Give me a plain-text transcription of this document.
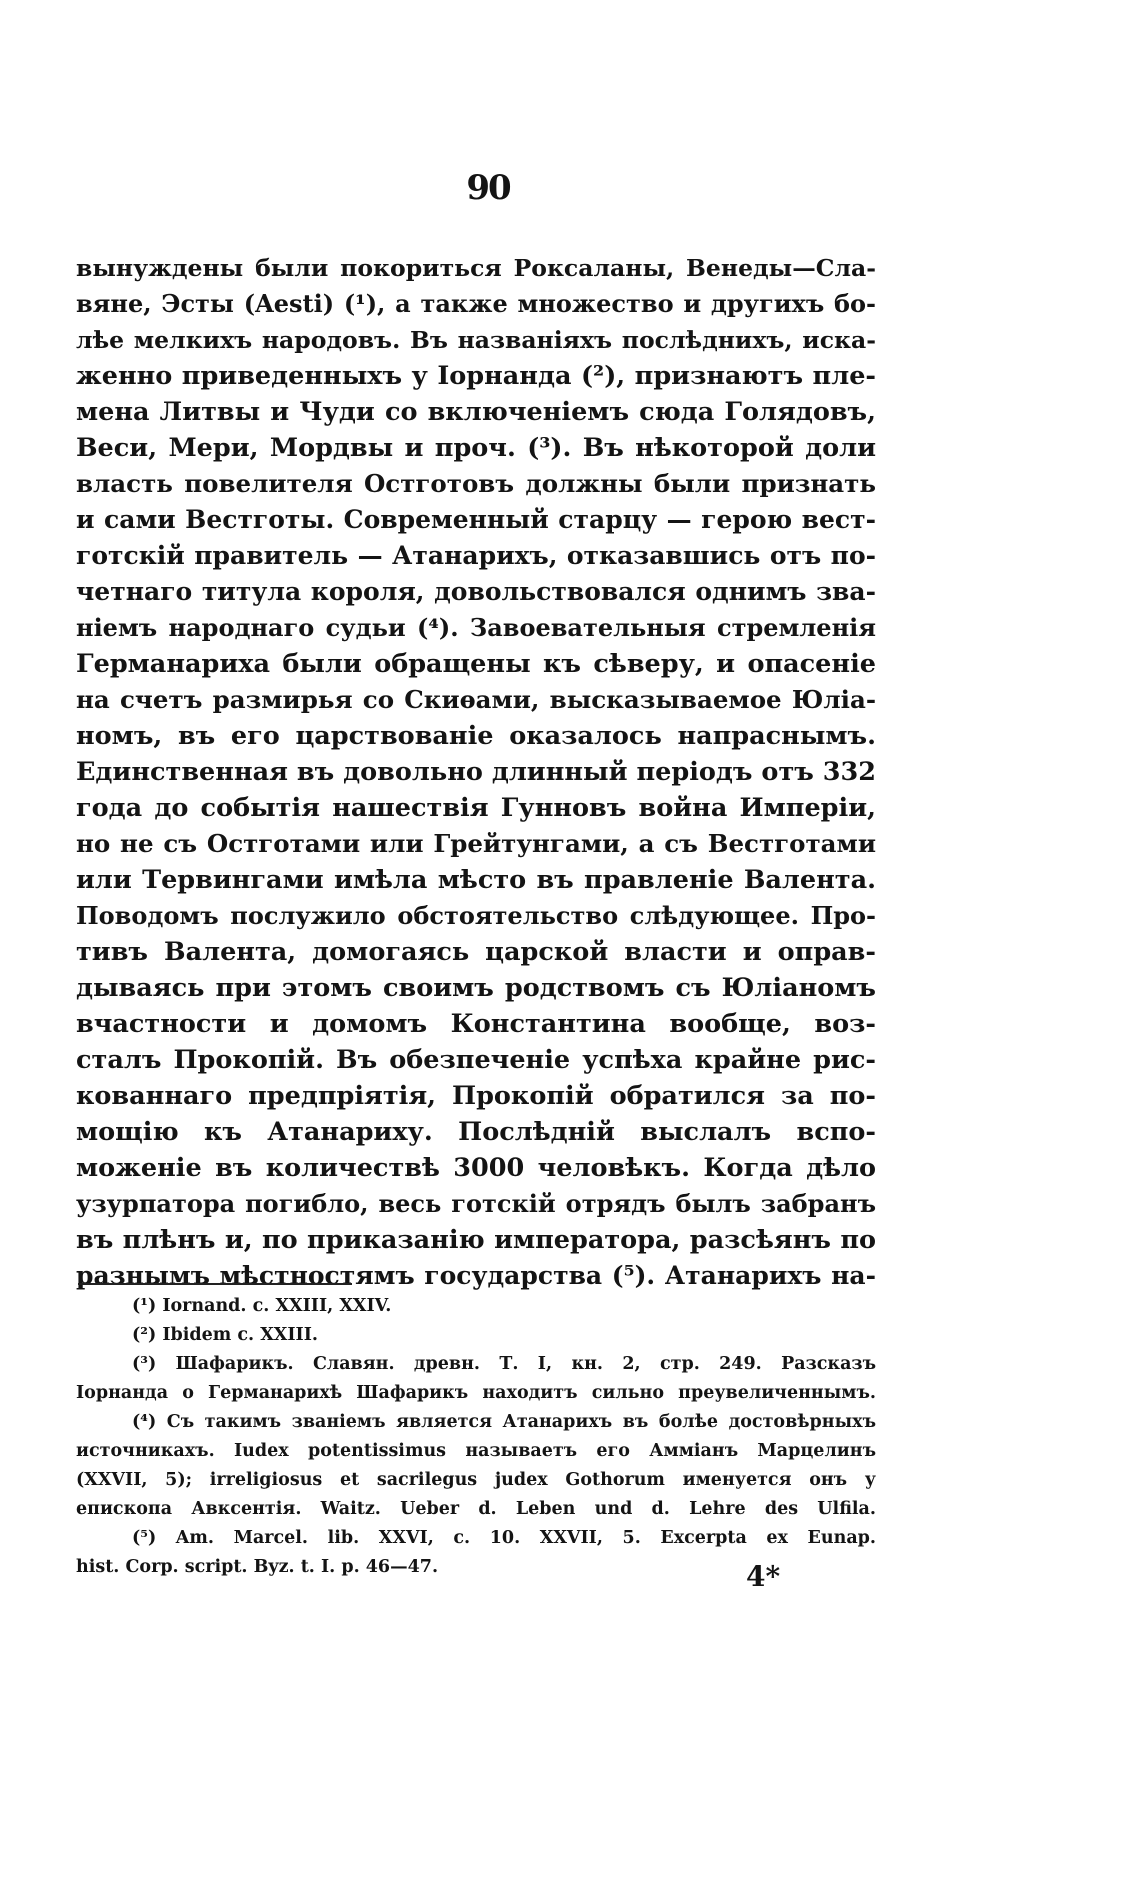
90
вынуждены были покориться Роксаланы, Венеды—Сла-
вяне, Эсты (Aesti) (¹), а также множество и другихъ бо-
лѣе мелкихъ народовъ. Въ названіяхъ послѣднихъ, иска-
женно приведенныхъ у Іорнанда (²), признаютъ пле-
мена Литвы и Чуди со включеніемъ сюда Голядовъ,
Веси, Мери, Мордвы и проч. (³). Въ нѣкоторой доли
власть повелителя Остготовъ должны были признать
и сами Вестготы. Современный старцу — герою вест-
готскій правитель — Атанарихъ, отказавшись отъ по-
четнаго титула короля, довольствовался однимъ зва-
ніемъ народнаго судьи (⁴). Завоевательныя стремленія
Германариха были обращены къ сѣверу, и опасеніе
на счетъ размирья со Скиѳами, высказываемое Юліа-
номъ, въ его царствованіе оказалось напраснымъ.
Единственная въ довольно длинный періодъ отъ 332
года до событія нашествія Гунновъ война Имперіи,
но не съ Остготами или Грейтунгами, а съ Вестготами
или Тервингами имѣла мѣсто въ правленіе Валента.
Поводомъ послужило обстоятельство слѣдующее. Про-
тивъ Валента, домогаясь царской власти и оправ-
дываясь при этомъ своимъ родствомъ съ Юліаномъ
вчастности и домомъ Константина вообще, воз-
сталъ Прокопій. Въ обезпеченіе успѣха крайне рис-
кованнаго предпріятія, Прокопій обратился за по-
мощію къ Атанариху. Послѣдній выслалъ вспо-
моженіе въ количествѣ 3000 человѣкъ. Когда дѣло
узурпатора погибло, весь готскій отрядъ былъ забранъ
въ плѣнъ и, по приказанію императора, разсѣянъ по
разнымъ мѣстностямъ государства (⁵). Атанарихъ на-
(¹) Iornand. c. XXIII, XXIV.
(²) Ibidem c. XXIII.
(³) Шафарикъ. Славян. древн. Т. I, кн. 2, стр. 249. Разсказъ
Іорнанда о Германарихѣ Шафарикъ находитъ сильно преувеличеннымъ.
(⁴) Съ такимъ званіемъ является Атанарихъ въ болѣе достовѣрныхъ
источникахъ. Iudex potentissimus называетъ его Амміанъ Марцелинъ
(XXVII, 5); irreligiosus et sacrilegus judex Gothorum именуется онъ у
епископа Авксентія. Waitz. Ueber d. Leben und d. Lehre des Ulfila.
(⁵) Am. Marcel. lib. XXVI, c. 10. XXVII, 5. Excerpta ex Eunap.
hist. Corp. script. Byz. t. I. p. 46—47.	4*
